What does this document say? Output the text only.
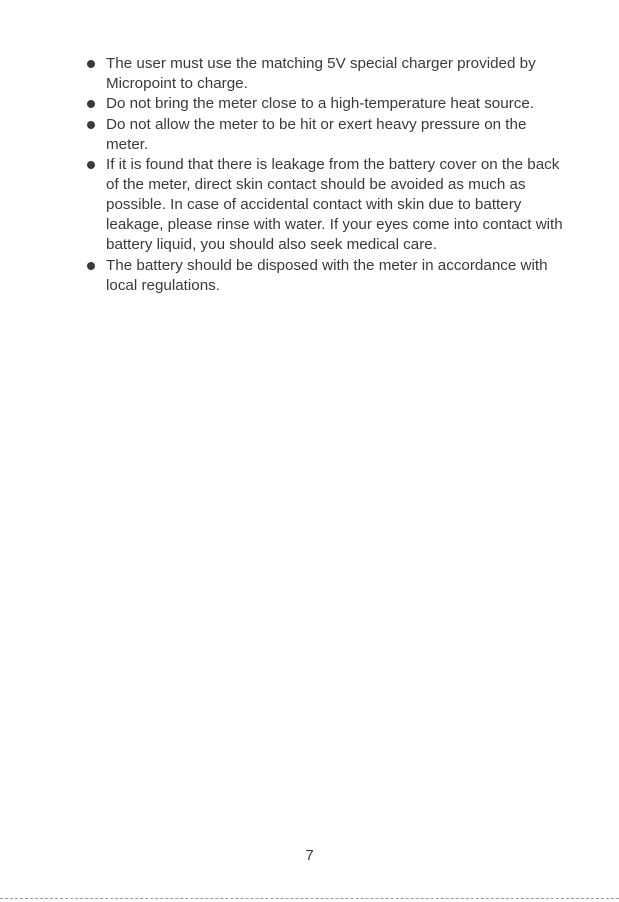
The user must use the matching 5V special charger provided by Micropoint to charge.
Do not bring the meter close to a high-temperature heat source.
Do not allow the meter to be hit or exert heavy pressure on the meter.
If it is found that there is leakage from the battery cover on the back of the meter, direct skin contact should be avoided as much as possible. In case of accidental contact with skin due to battery leakage, please rinse with water. If your eyes come into contact with battery liquid, you should also seek medical care.
The battery should be disposed with the meter in accordance with local regulations.
7
